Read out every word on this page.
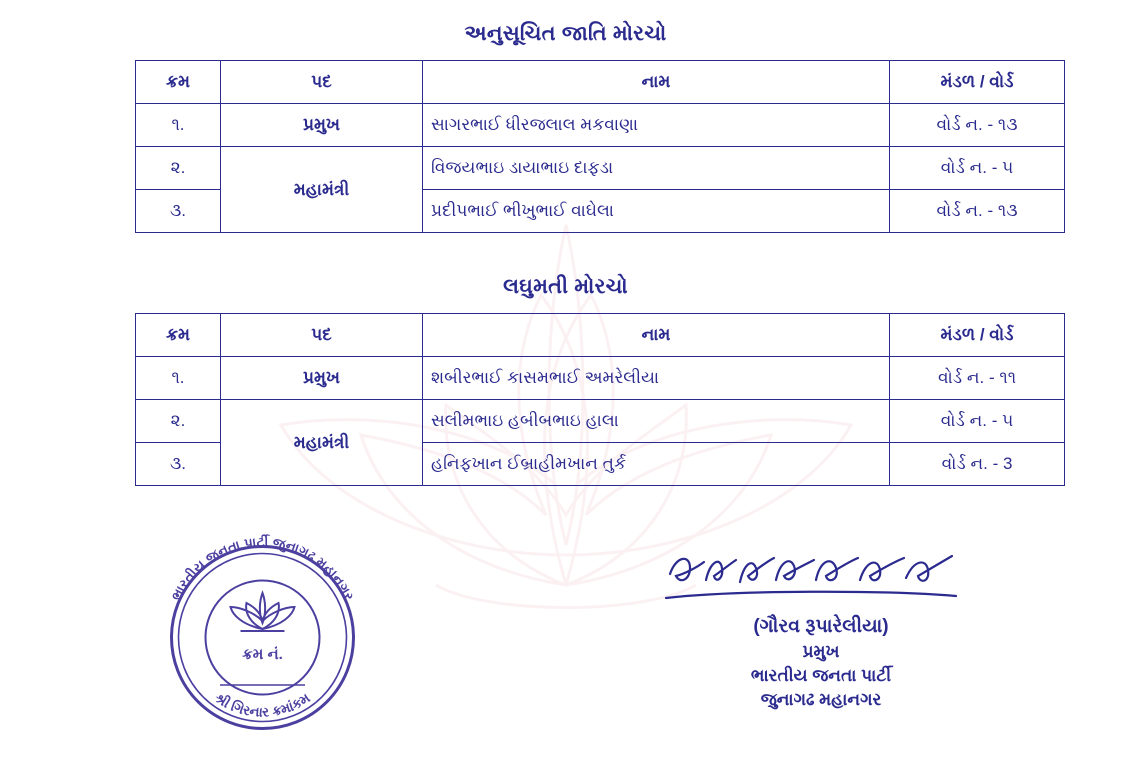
અનુસૂચિત જાતિ મોરચો
ક્રમ	પદ	નામ	મંડળ / વોર્ડ
૧.	પ્રમુખ	સાગરભાઈ ધીરજલાલ મકવાણા	વોર્ડ ન. - ૧૩
૨.	મહામંત્રી	વિજયભાઇ ડાયાભાઇ દાફડા	વોર્ડ ન. - ૫
૩.		પ્રદીપભાઈ ભીખુભાઈ વાઘેલા	વોર્ડ ન. - ૧૩
લઘુમતી મોરચો
ક્રમ	પદ	નામ	મંડળ / વોર્ડ
૧.	પ્રમુખ	શબીરભાઈ કાસમભાઈ અમરેલીયા	વોર્ડ ન. - ૧૧
૨.	મહામંત્રી	સલીમભાઇ હબીબભાઇ હાલા	વોર્ડ ન. - ૫
૩.		હનિફખાન ઈબ્રાહીમખાન તુર્ક	વોર્ડ ન. - 3
ભારતીય જનતા પાર્ટી જુનાગઢ મહાનગર
શ્રી ગિરનાર ક્રમાંકમ
ક્રમ નં.
(ગૌરવ રૂપારેલીયા)
પ્રમુખ
ભારતીય જનતા પાર્ટી
જુનાગઢ મહાનગર
